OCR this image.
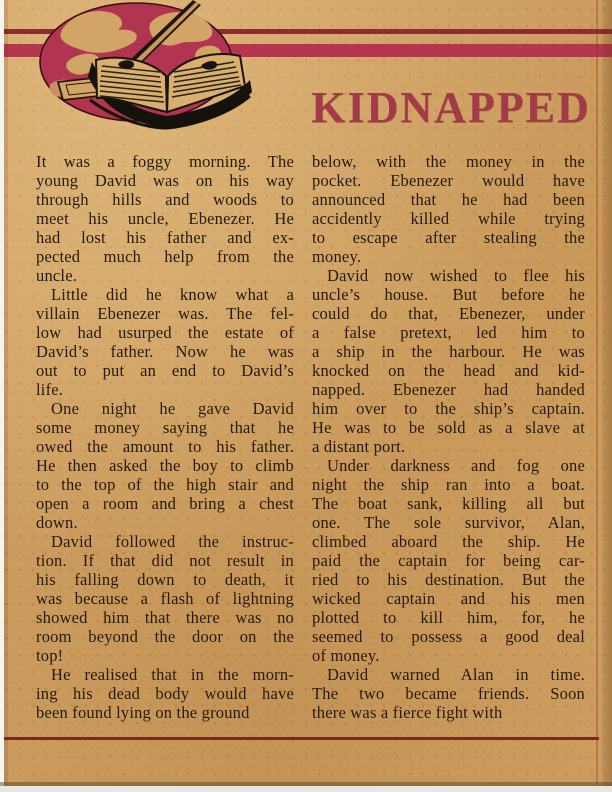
KIDNAPPED
It was a foggy morning. The
young David was on his way
through hills and woods to
meet his uncle, Ebenezer. He
had lost his father and ex-
pected much help from the
uncle.
Little did he know what a
villain Ebenezer was. The fel-
low had usurped the estate of
David’s father. Now he was
out to put an end to David’s
life.
One night he gave David
some money saying that he
owed the amount to his father.
He then asked the boy to climb
to the top of the high stair and
open a room and bring a chest
down.
David followed the instruc-
tion. If that did not result in
his falling down to death, it
was because a flash of lightning
showed him that there was no
room beyond the door on the
top!
He realised that in the morn-
ing his dead body would have
been found lying on the ground
below, with the money in the
pocket. Ebenezer would have
announced that he had been
accidently killed while trying
to escape after stealing the
money.
David now wished to flee his
uncle’s house. But before he
could do that, Ebenezer, under
a false pretext, led him to
a ship in the harbour. He was
knocked on the head and kid-
napped. Ebenezer had handed
him over to the ship’s captain.
He was to be sold as a slave at
a distant port.
Under darkness and fog one
night the ship ran into a boat.
The boat sank, killing all but
one. The sole survivor, Alan,
climbed aboard the ship. He
paid the captain for being car-
ried to his destination. But the
wicked captain and his men
plotted to kill him, for, he
seemed to possess a good deal
of money.
David warned Alan in time.
The two became friends. Soon
there was a fierce fight with
